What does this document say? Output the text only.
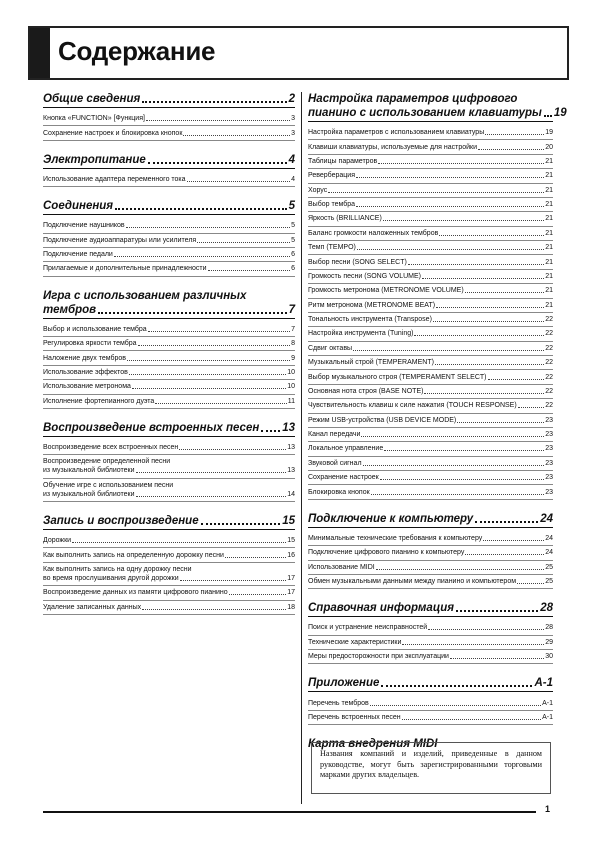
Содержание
Общие сведения	2
Кнопка «FUNCTION» [Функция]	3
Сохранение настроек и блокировка кнопок	3
Электропитание	4
Использование адаптера переменного тока	4
Соединения	5
Подключение наушников	5
Подключение аудиоаппаратуры или усилителя	5
Подключение педали	6
Прилагаемые и дополнительные принадлежности	6
Игра с использованием различных
тембров	7
Выбор и использование тембра	7
Регулировка яркости тембра	8
Наложение двух тембров	9
Использование эффектов	10
Использование метронома	10
Исполнение фортепианного дуэта	11
Воспроизведение встроенных песен 13
Воспроизведение всех встроенных песен	13
Воспроизведение определенной песни
из музыкальной библиотеки	13
Обучение игре с использованием песни
из музыкальной библиотеки	14
Запись и воспроизведение	15
Дорожки	15
Как выполнить запись на определенную дорожку песни	16
Как выполнить запись на одну дорожку песни
во время прослушивания другой дорожки	17
Воспроизведение данных из памяти цифрового пианино	17
Удаление записанных данных	18
Настройка параметров цифрового
пианино с использованием клавиатуры 19
Настройка параметров с использованием клавиатуры	19
Клавиши клавиатуры, используемые для настройки	20
Таблицы параметров	21
Реверберация	21
Хорус	21
Выбор тембра	21
Яркость (BRILLIANCE)	21
Баланс громкости наложенных тембров	21
Темп (TEMPO)	21
Выбор песни (SONG SELECT)	21
Громкость песни (SONG VOLUME)	21
Громкость метронома (METRONOME VOLUME)	21
Ритм метронома (METRONOME BEAT)	21
Тональность инструмента (Transpose)	22
Настройка инструмента (Tuning)	22
Сдвиг октавы	22
Музыкальный строй (TEMPERAMENT)	22
Выбор музыкального строя (TEMPERAMENT SELECT)	22
Основная нота строя (BASE NOTE)	22
Чувствительность клавиш к силе нажатия (TOUCH RESPONSE)	22
Режим USB-устройства (USB DEVICE MODE)	23
Канал передачи	23
Локальное управление	23
Звуковой сигнал	23
Сохранение настроек	23
Блокировка кнопок	23
Подключение к компьютеру	24
Минимальные технические требования к компьютеру	24
Подключение цифрового пианино к компьютеру	24
Использование MIDI	25
Обмен музыкальными данными между пианино и компьютером	25
Справочная информация	28
Поиск и устранение неисправностей	28
Технические характеристики	29
Меры предосторожности при эксплуатации	30
Приложение	A-1
Перечень тембров	A-1
Перечень встроенных песен	A-1
Карта внедрения MIDI
Названия компаний и изделий, приведенные в данном руководстве, могут быть зарегистрированными торговыми марками других владельцев.
1
